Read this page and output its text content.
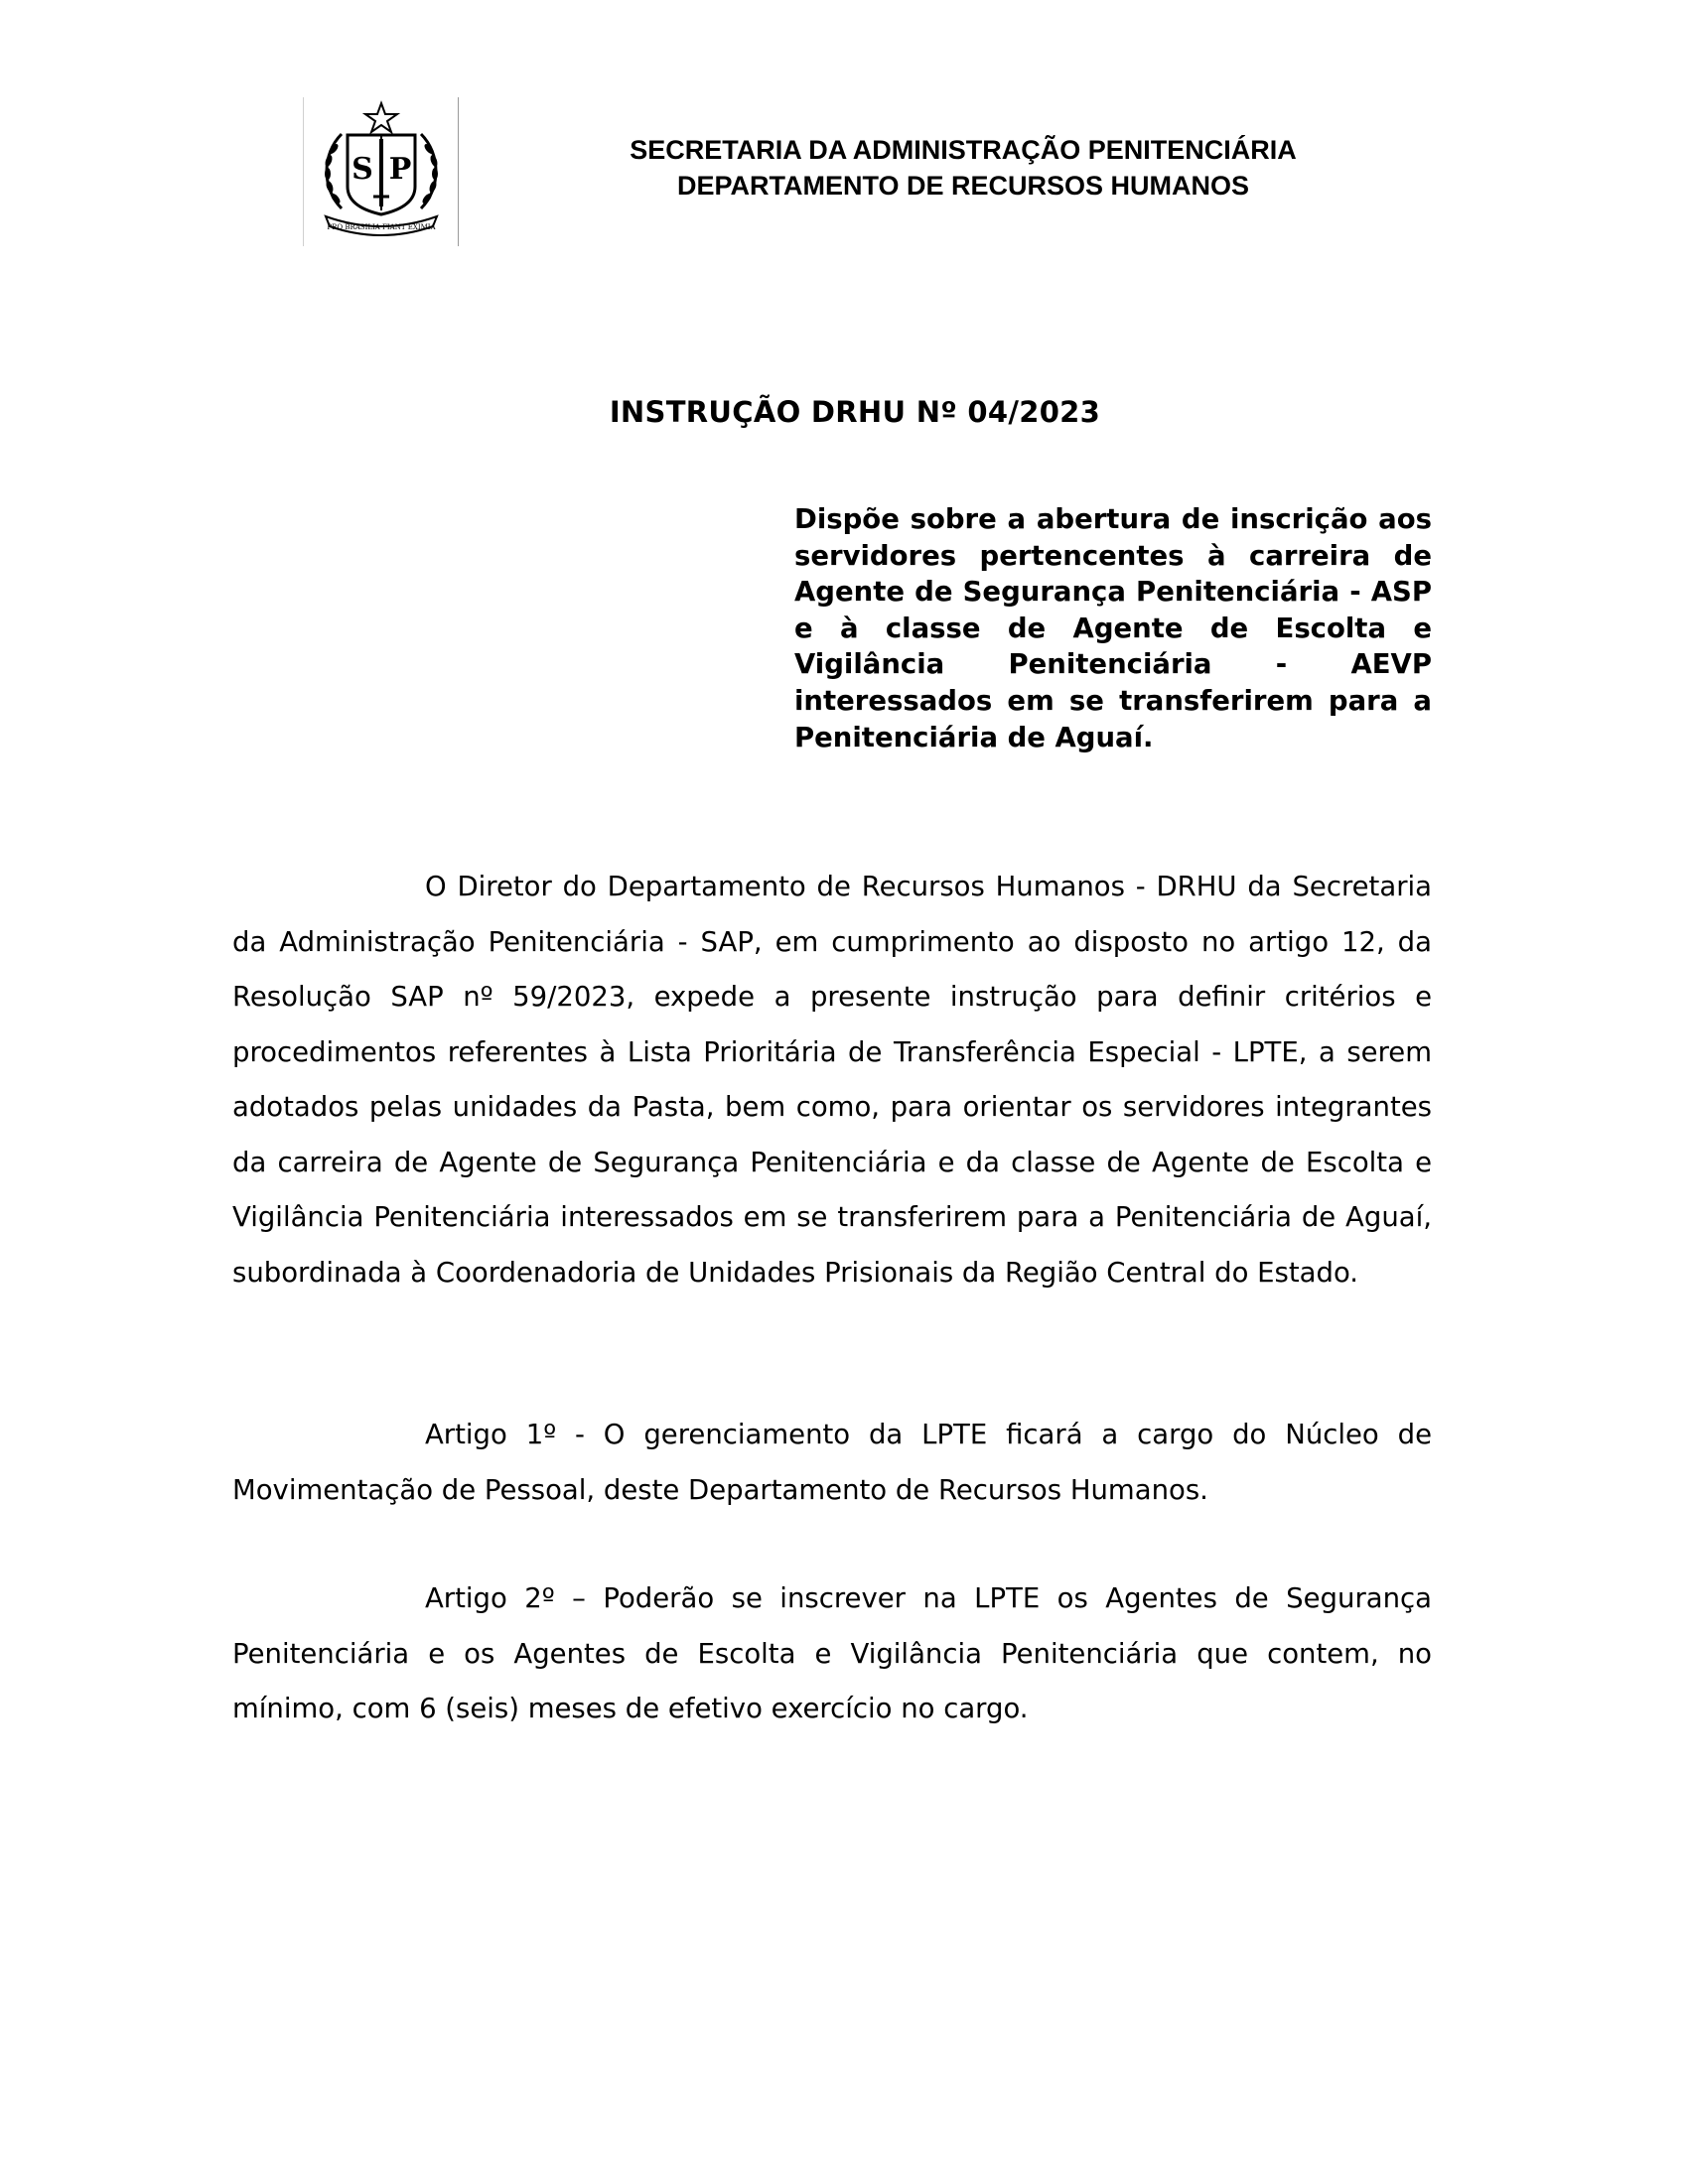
S P
PRO BRASILIA FIANT EXIMIA
SECRETARIA DA ADMINISTRAÇÃO PENITENCIÁRIA
DEPARTAMENTO DE RECURSOS HUMANOS
INSTRUÇÃO DRHU Nº 04/2023
Dispõe sobre a abertura de inscrição aos servidores pertencentes à carreira de Agente de Segurança Penitenciária - ASP e à classe de Agente de Escolta e Vigilância Penitenciária - AEVP interessados em se transferirem para a Penitenciária de Aguaí.
O Diretor do Departamento de Recursos Humanos - DRHU da Secretaria da Administração Penitenciária - SAP, em cumprimento ao disposto no artigo 12, da Resolução SAP nº 59/2023, expede a presente instrução para definir critérios e procedimentos referentes à Lista Prioritária de Transferência Especial - LPTE, a serem adotados pelas unidades da Pasta, bem como, para orientar os servidores integrantes da carreira de Agente de Segurança Penitenciária e da classe de Agente de Escolta e Vigilância Penitenciária interessados em se transferirem para a Penitenciária de Aguaí, subordinada à Coordenadoria de Unidades Prisionais da Região Central do Estado.
Artigo 1º - O gerenciamento da LPTE ficará a cargo do Núcleo de Movimentação de Pessoal, deste Departamento de Recursos Humanos.
Artigo 2º – Poderão se inscrever na LPTE os Agentes de Segurança Penitenciária e os Agentes de Escolta e Vigilância Penitenciária que contem, no mínimo, com 6 (seis) meses de efetivo exercício no cargo.
